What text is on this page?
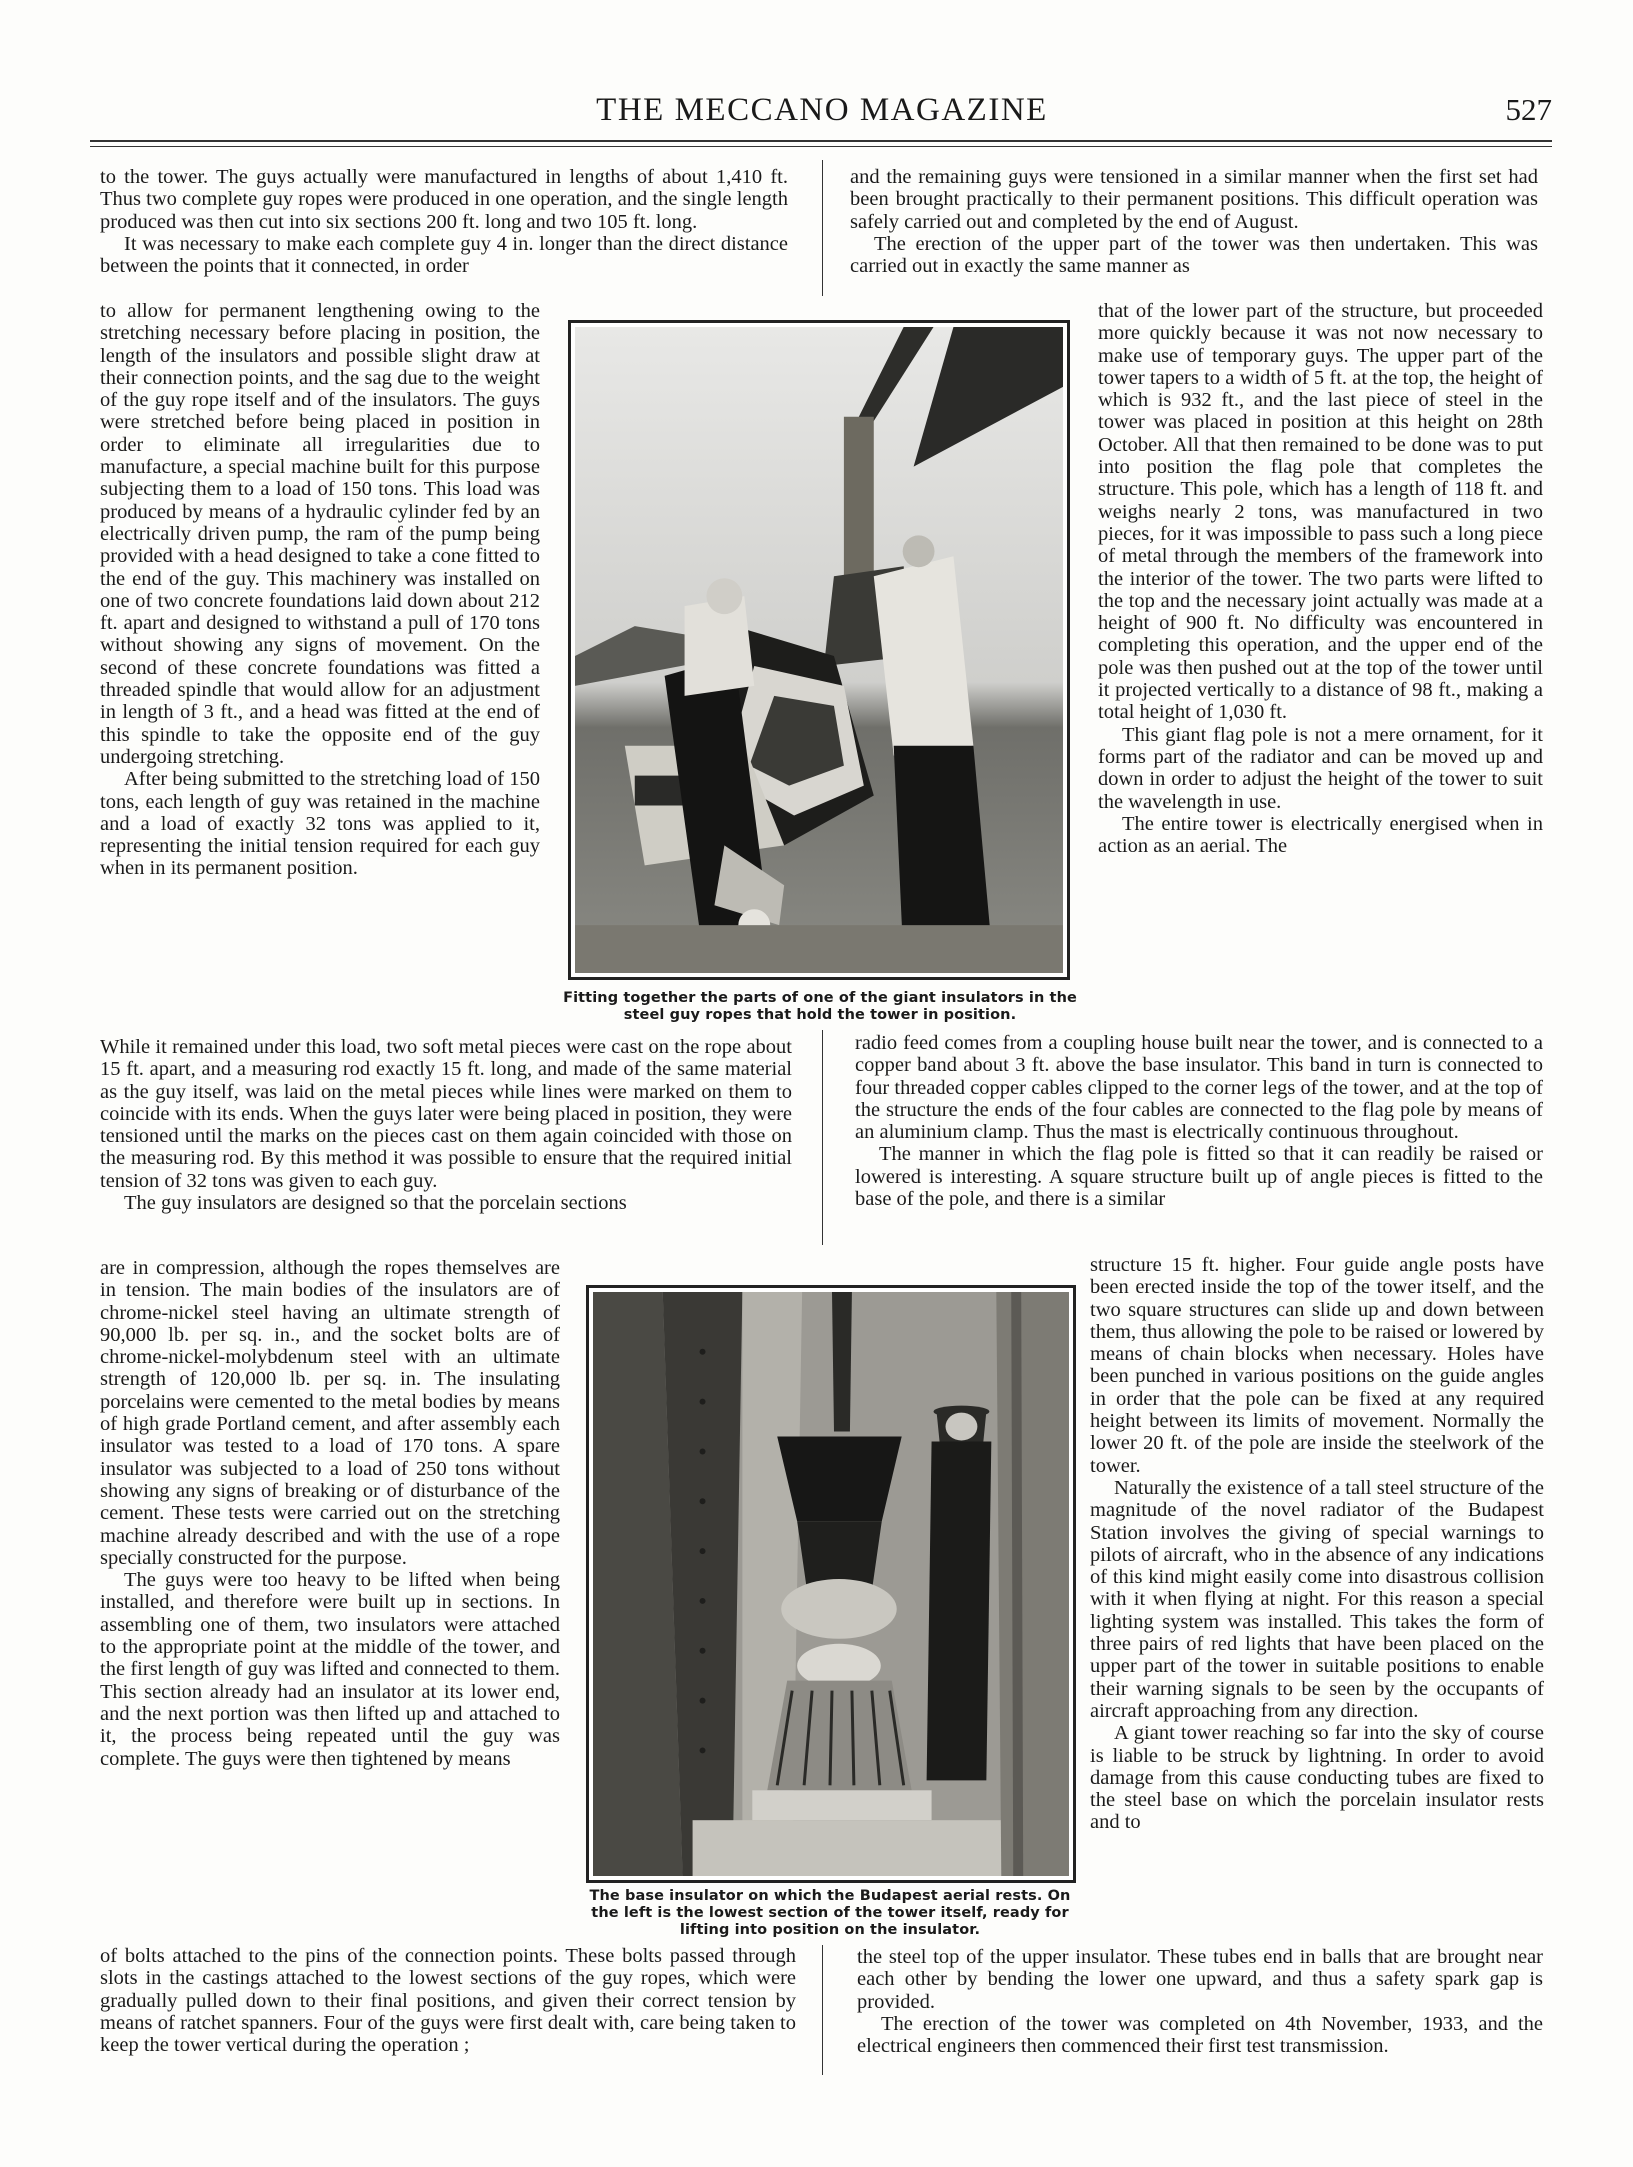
THE MECCANO MAGAZINE	527

to the tower. The guys actually were manufactured in lengths of about 1,410 ft. Thus two complete guy ropes were produced in one operation, and the single length produced was then cut into six sections 200 ft. long and two 105 ft. long.

It was necessary to make each complete guy 4 in. longer than the direct distance between the points that it connected, in order

to allow for permanent lengthening owing to the stretching necessary before placing in position, the length of the insulators and possible slight draw at their connection points, and the sag due to the weight of the guy rope itself and of the insulators. The guys were stretched before being placed in position in order to eliminate all irregularities due to manufacture, a special machine built for this purpose subjecting them to a load of 150 tons. This load was produced by means of a hydraulic cylinder fed by an electrically driven pump, the ram of the pump being provided with a head designed to take a cone fitted to the end of the guy. This machinery was installed on one of two concrete foundations laid down about 212 ft. apart and designed to withstand a pull of 170 tons without showing any signs of movement. On the second of these concrete foundations was fitted a threaded spindle that would allow for an adjustment in length of 3 ft., and a head was fitted at the end of this spindle to take the opposite end of the guy undergoing stretching.

After being submitted to the stretching load of 150 tons, each length of guy was retained in the machine and a load of exactly 32 tons was applied to it, representing the initial tension required for each guy when in its permanent position.

While it remained under this load, two soft metal pieces were cast on the rope about 15 ft. apart, and a measuring rod exactly 15 ft. long, and made of the same material as the guy itself, was laid on the metal pieces while lines were marked on them to coincide with its ends. When the guys later were being placed in position, they were tensioned until the marks on the pieces cast on them again coincided with those on the measuring rod. By this method it was possible to ensure that the required initial tension of 32 tons was given to each guy.

The guy insulators are designed so that the porcelain sections

are in compression, although the ropes themselves are in tension. The main bodies of the insulators are of chrome-nickel steel having an ultimate strength of 90,000 lb. per sq. in., and the socket bolts are of chrome-nickel-molybdenum steel with an ultimate strength of 120,000 lb. per sq. in. The insulating porcelains were cemented to the metal bodies by means of high grade Portland cement, and after assembly each insulator was tested to a load of 170 tons. A spare insulator was subjected to a load of 250 tons without showing any signs of breaking or of disturbance of the cement. These tests were carried out on the stretching machine already described and with the use of a rope specially constructed for the purpose.

The guys were too heavy to be lifted when being installed, and therefore were built up in sections. In assembling one of them, two insulators were attached to the appropriate point at the middle of the tower, and the first length of guy was lifted and connected to them. This section already had an insulator at its lower end, and the next portion was then lifted up and attached to it, the process being repeated until the guy was complete. The guys were then tightened by means

of bolts attached to the pins of the connection points. These bolts passed through slots in the castings attached to the lowest sections of the guy ropes, which were gradually pulled down to their final positions, and given their correct tension by means of ratchet spanners. Four of the guys were first dealt with, care being taken to keep the tower vertical during the operation ;

and the remaining guys were tensioned in a similar manner when the first set had been brought practically to their permanent positions. This difficult operation was safely carried out and completed by the end of August.

The erection of the upper part of the tower was then undertaken. This was carried out in exactly the same manner as

that of the lower part of the structure, but proceeded more quickly because it was not now necessary to make use of temporary guys. The upper part of the tower tapers to a width of 5 ft. at the top, the height of which is 932 ft., and the last piece of steel in the tower was placed in position at this height on 28th October. All that then remained to be done was to put into position the flag pole that completes the structure. This pole, which has a length of 118 ft. and weighs nearly 2 tons, was manufactured in two pieces, for it was impossible to pass such a long piece of metal through the members of the framework into the interior of the tower. The two parts were lifted to the top and the necessary joint actually was made at a height of 900 ft. No difficulty was encountered in completing this operation, and the upper end of the pole was then pushed out at the top of the tower until it projected vertically to a distance of 98 ft., making a total height of 1,030 ft.

This giant flag pole is not a mere ornament, for it forms part of the radiator and can be moved up and down in order to adjust the height of the tower to suit the wavelength in use.

The entire tower is electrically energised when in action as an aerial. The

radio feed comes from a coupling house built near the tower, and is connected to a copper band about 3 ft. above the base insulator. This band in turn is connected to four threaded copper cables clipped to the corner legs of the tower, and at the top of the structure the ends of the four cables are connected to the flag pole by means of an aluminium clamp. Thus the mast is electrically continuous throughout.

The manner in which the flag pole is fitted so that it can readily be raised or lowered is interesting. A square structure built up of angle pieces is fitted to the base of the pole, and there is a similar

structure 15 ft. higher. Four guide angle posts have been erected inside the top of the tower itself, and the two square structures can slide up and down between them, thus allowing the pole to be raised or lowered by means of chain blocks when necessary. Holes have been punched in various positions on the guide angles in order that the pole can be fixed at any required height between its limits of movement. Normally the lower 20 ft. of the pole are inside the steelwork of the tower.

Naturally the existence of a tall steel structure of the magnitude of the novel radiator of the Budapest Station involves the giving of special warnings to pilots of aircraft, who in the absence of any indications of this kind might easily come into disastrous collision with it when flying at night. For this reason a special lighting system was installed. This takes the form of three pairs of red lights that have been placed on the upper part of the tower in suitable positions to enable their warning signals to be seen by the occupants of aircraft approaching from any direction.

A giant tower reaching so far into the sky of course is liable to be struck by lightning. In order to avoid damage from this cause conducting tubes are fixed to the steel base on which the porcelain insulator rests and to

the steel top of the upper insulator. These tubes end in balls that are brought near each other by bending the lower one upward, and thus a safety spark gap is provided.

The erection of the tower was completed on 4th November, 1933, and the electrical engineers then commenced their first test transmission.

Fitting together the parts of one of the giant insulators in the steel guy ropes that hold the tower in position.
The base insulator on which the Budapest aerial rests. On the left is the lowest section of the tower itself, ready for lifting into position on the insulator.
